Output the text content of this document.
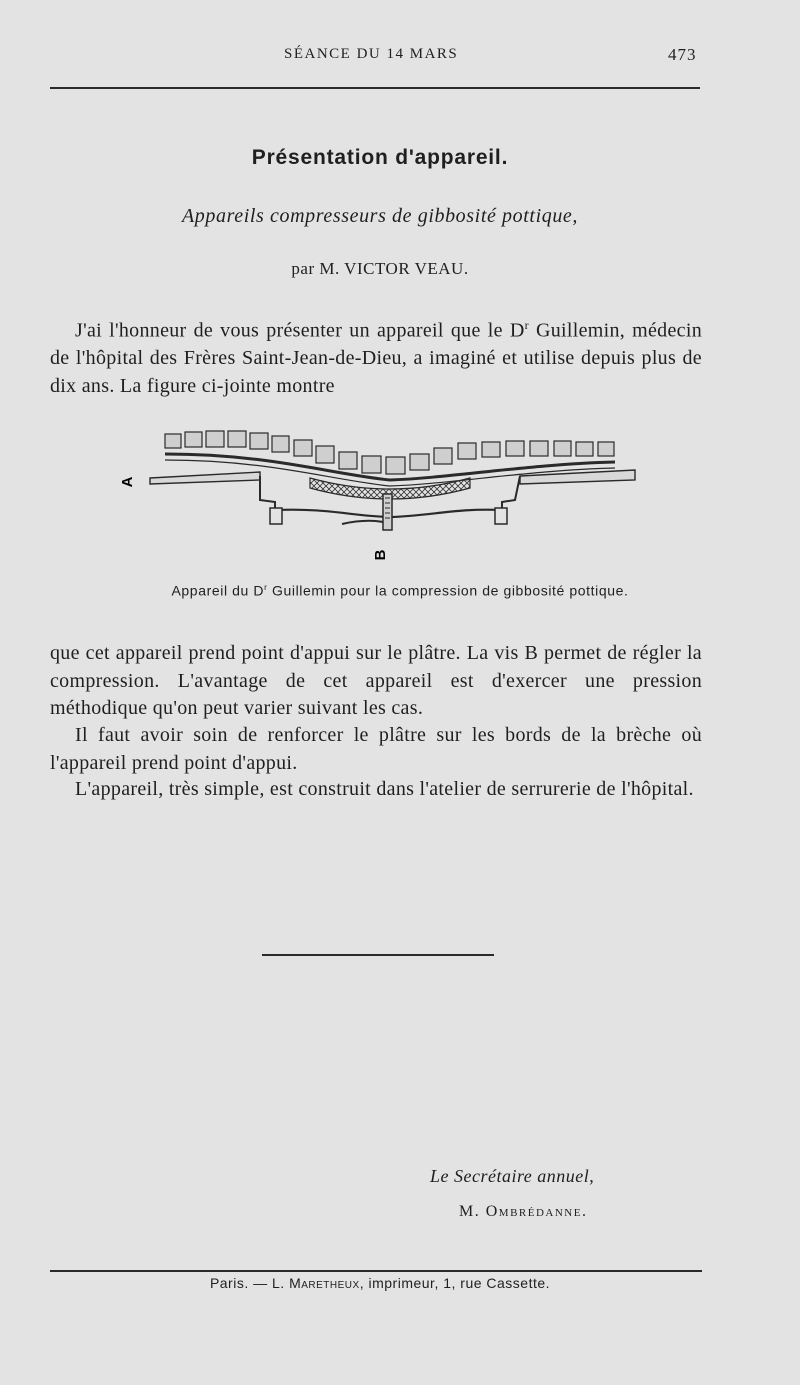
SÉANCE DU 14 MARS	473
Présentation d'appareil.
Appareils compresseurs de gibbosité pottique,
par M. VICTOR VEAU.

J'ai l'honneur de vous présenter un appareil que le $D^r$ Guillemin, médecin de l'hôpital des Frères Saint-Jean-de-Dieu, a imaginé et utilise depuis plus de dix ans. La figure ci-jointe montre

A
B
Appareil du $D^r$ Guillemin pour la compression de gibbosité pottique.

que cet appareil prend point d'appui sur le plâtre. La vis B permet de régler la compression. L'avantage de cet appareil est d'exercer une pression méthodique qu'on peut varier suivant les cas.

Il faut avoir soin de renforcer le plâtre sur les bords de la brèche où l'appareil prend point d'appui.

L'appareil, très simple, est construit dans l'atelier de serrurerie de l'hôpital.

Le Secrétaire annuel,
M. Ombrédanne.
Paris. — L. Maretheux, imprimeur, 1, rue Cassette.
